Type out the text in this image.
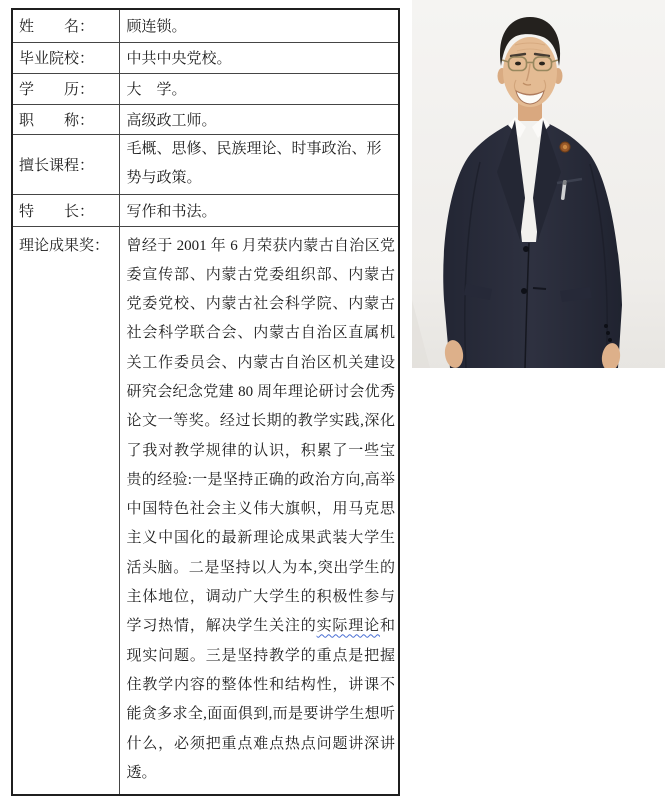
姓　　名：	顾连锁。
毕业院校：	中共中央党校。
学　　历：	大　学。
职　　称：	高级政工师。
擅长课程：	毛概、思修、民族理论、时事政治、形势与政策。
特　　长：	写作和书法。
理论成果奖：	曾经于 2001 年 6 月荣获内蒙古自治区党委宣传部、内蒙古党委组织部、内蒙古党委党校、内蒙古社会科学院、内蒙古社会科学联合会、内蒙古自治区直属机关工作委员会、内蒙古自治区机关建设研究会纪念党建 80 周年理论研讨会优秀论文一等奖。经过长期的教学实践,深化了我对教学规律的认识，积累了一些宝贵的经验:一是坚持正确的政治方向,高举中国特色社会主义伟大旗帜，用马克思主义中国化的最新理论成果武装大学生活头脑。二是坚持以人为本,突出学生的主体地位，调动广大学生的积极性参与学习热情，解决学生关注的实际理论和现实问题。三是坚持教学的重点是把握住教学内容的整体性和结构性，讲课不能贪多求全,面面俱到,而是要讲学生想听什么，必须把重点难点热点问题讲深讲透。
